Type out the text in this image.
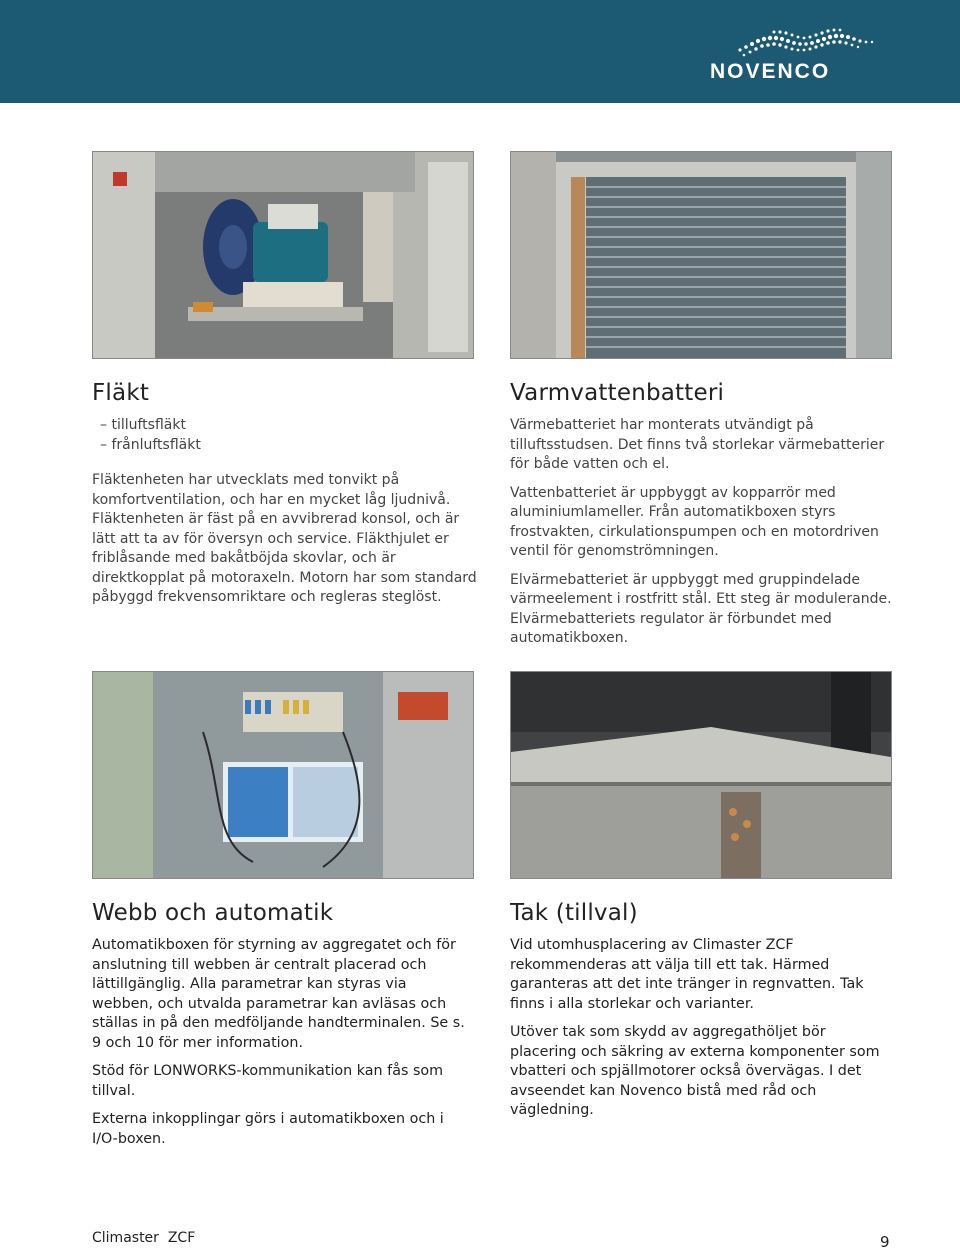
NOVENCO
Fläkt
– tilluftsfläkt
– frånluftsfläkt

Fläktenheten har utvecklats med tonvikt på komfortventilation, och har en mycket låg ljudnivå. Fläktenheten är fäst på en avvibrerad konsol, och är lätt att ta av för översyn och service. Fläkthjulet er friblåsande med bakåtböjda skovlar, och är direktkopplat på motoraxeln. Motorn har som standard påbyggd frekvensomriktare och regleras steglöst.

Varmvattenbatteri

Värmebatteriet har monterats utvändigt på tilluftsstudsen. Det finns två storlekar värmebatterier för både vatten och el.

Vattenbatteriet är uppbyggt av kopparrör med aluminiumlameller. Från automatikboxen styrs frostvakten, cirkulationspumpen och en motordriven ventil för genomströmningen.

Elvärmebatteriet är uppbyggt med gruppindelade värmeelement i rostfritt stål. Ett steg är modulerande. Elvärmebatteriets regulator är förbundet med automatikboxen.

Webb och automatik

Automatikboxen för styrning av aggregatet och för anslutning till webben är centralt placerad och lättillgänglig. Alla parametrar kan styras via webben, och utvalda parametrar kan avläsas och ställas in på den medföljande handterminalen. Se s. 9 och 10 för mer information.

Stöd för LONWORKS-kommunikation kan fås som tillval.

Externa inkopplingar görs i automatikboxen och i I/O-boxen.

Tak (tillval)

Vid utomhusplacering av Climaster ZCF rekommenderas att välja till ett tak. Härmed garanteras att det inte tränger in regnvatten. Tak finns i alla storlekar och varianter.

Utöver tak som skydd av aggregathöljet bör placering och säkring av externa komponenter som vbatteri och spjällmotorer också övervägas. I det avseendet kan Novenco bistå med råd och vägledning.

Climaster  ZCF	9
